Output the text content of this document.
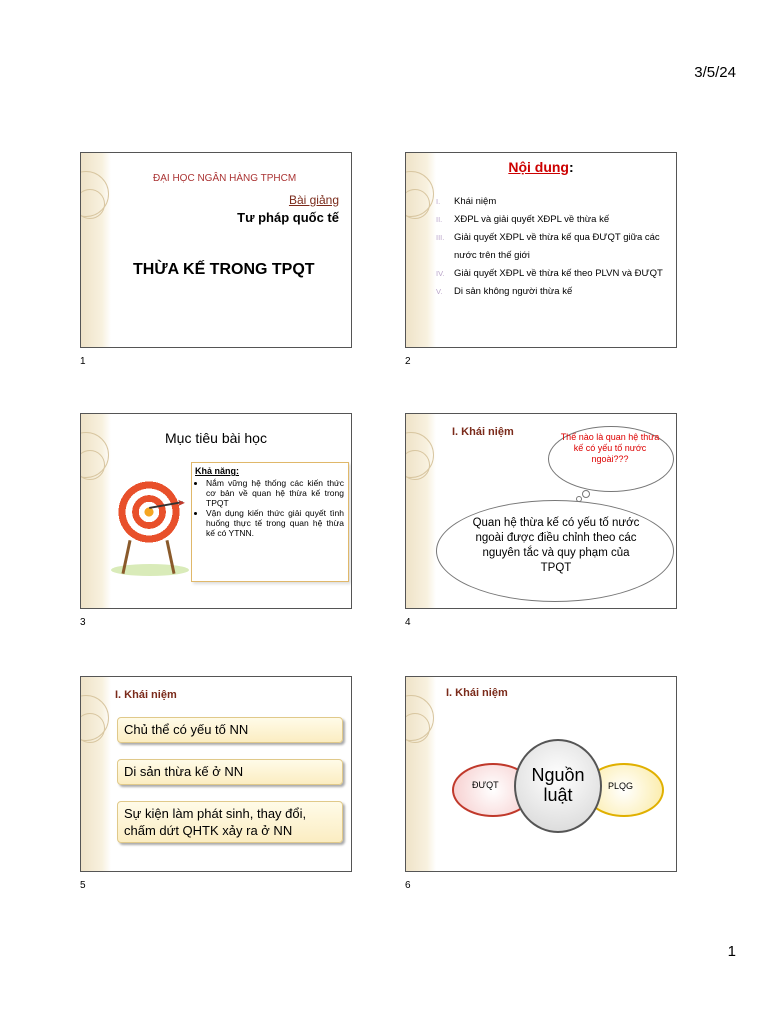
3/5/24
ĐẠI HỌC NGÂN HÀNG TPHCM
Bài giảng
Tư pháp quốc tế
THỪA KẾ TRONG TPQT
1
Nội dung:
I. Khái niệm
II. XĐPL và giải quyết XĐPL về thừa kế
III. Giải quyết XĐPL về thừa kế qua ĐƯQT giữa các nước trên thế giới
IV. Giải quyết XĐPL về thừa kế theo PLVN và ĐƯQT
V. Di sản không người thừa kế
2
Mục tiêu bài học
➤
Khả năng:
• Nắm vững hệ thống các kiến thức cơ bản về quan hệ thừa kế trong TPQT
• Vận dụng kiến thức giải quyết tình huống thực tế trong quan hệ thừa kế có YTNN.
3
I. Khái niệm	Thế nào là quan hệ thừa kế có yếu tố nước ngoài???
Quan hệ thừa kế có yếu tố nước ngoài được điều chỉnh theo các nguyên tắc và quy phạm của TPQT
4
I. Khái niệm
Chủ thể có yếu tố NN
Di sản thừa kế ở NN
Sự kiện làm phát sinh, thay đổi, chấm dứt QHTK xảy ra ở NN
5
I. Khái niệm
ĐƯQT	PLQG
Nguồn luật
6
1
